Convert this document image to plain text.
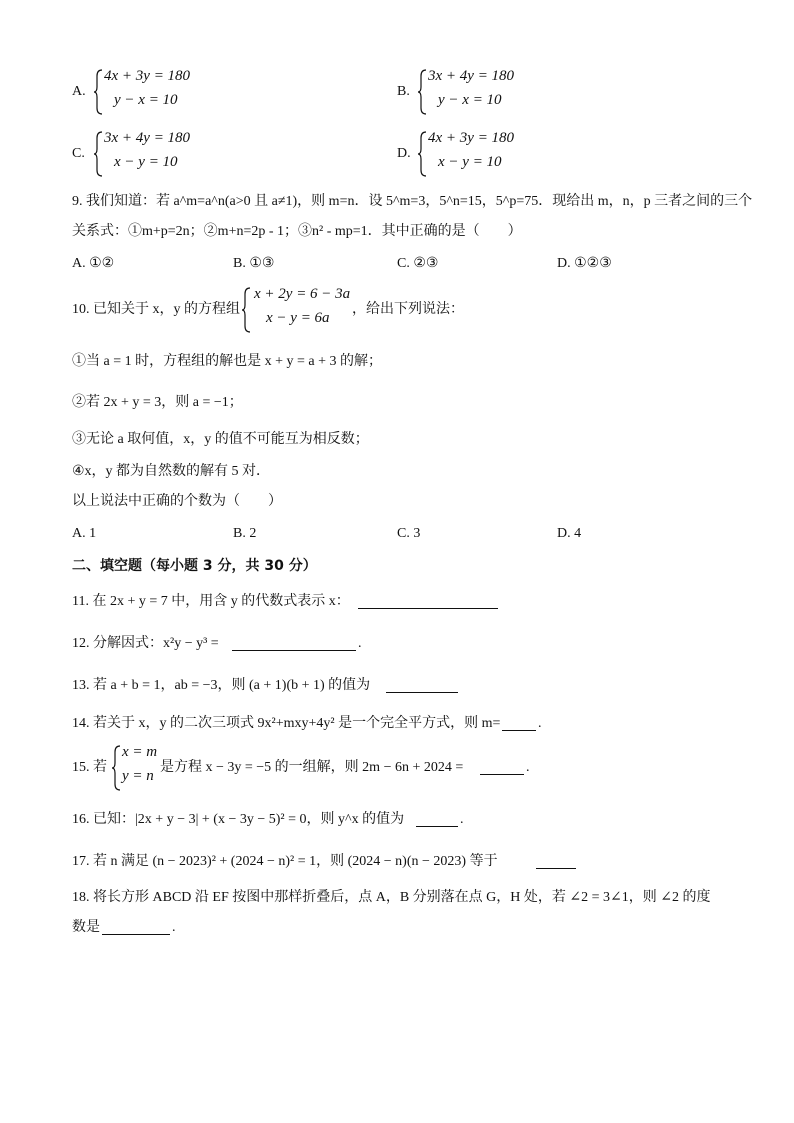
A.
4x + 3y = 180
y − x = 10
B.
3x + 4y = 180
y − x = 10
C.
3x + 4y = 180
x − y = 10
D.
4x + 3y = 180
x − y = 10
9. 我们知道：若 a^m=a^n(a>0 且 a≠1)，则 m=n．设 5^m=3，5^n=15，5^p=75．现给出 m，n，p 三者之间的三个
关系式：①m+p=2n；②m+n=2p - 1；③n² - mp=1．其中正确的是（　　）
A. ①②	B. ①③	C. ②③	D. ①②③
10. 已知关于 x，y 的方程组
x + 2y = 6 − 3a
x − y = 6a
，给出下列说法：
①当 a = 1 时，方程组的解也是 x + y = a + 3 的解；
②若 2x + y = 3，则 a = −1；
③无论 a 取何值，x，y 的值不可能互为相反数；
④x，y 都为自然数的解有 5 对．
以上说法中正确的个数为（　　）
A. 1	B. 2	C. 3	D. 4
二、填空题（每小题 3 分，共 30 分）
11. 在 2x + y = 7 中，用含 y 的代数式表示 x：
12. 分解因式：x²y − y³ =	.
13. 若 a + b = 1，ab = −3，则 (a + 1)(b + 1) 的值为
14. 若关于 x，y 的二次三项式 9x²+mxy+4y² 是一个完全平方式，则 m=	.
15. 若
x = m
y = n
是方程 x − 3y = −5 的一组解，则 2m − 6n + 2024 =	.
16. 已知：|2x + y − 3| + (x − 3y − 5)² = 0，则 y^x 的值为	.
17. 若 n 满足 (n − 2023)² + (2024 − n)² = 1，则 (2024 − n)(n − 2023) 等于
18. 将长方形 ABCD 沿 EF 按图中那样折叠后，点 A，B 分别落在点 G，H 处，若 ∠2 = 3∠1，则 ∠2 的度
数是	.
